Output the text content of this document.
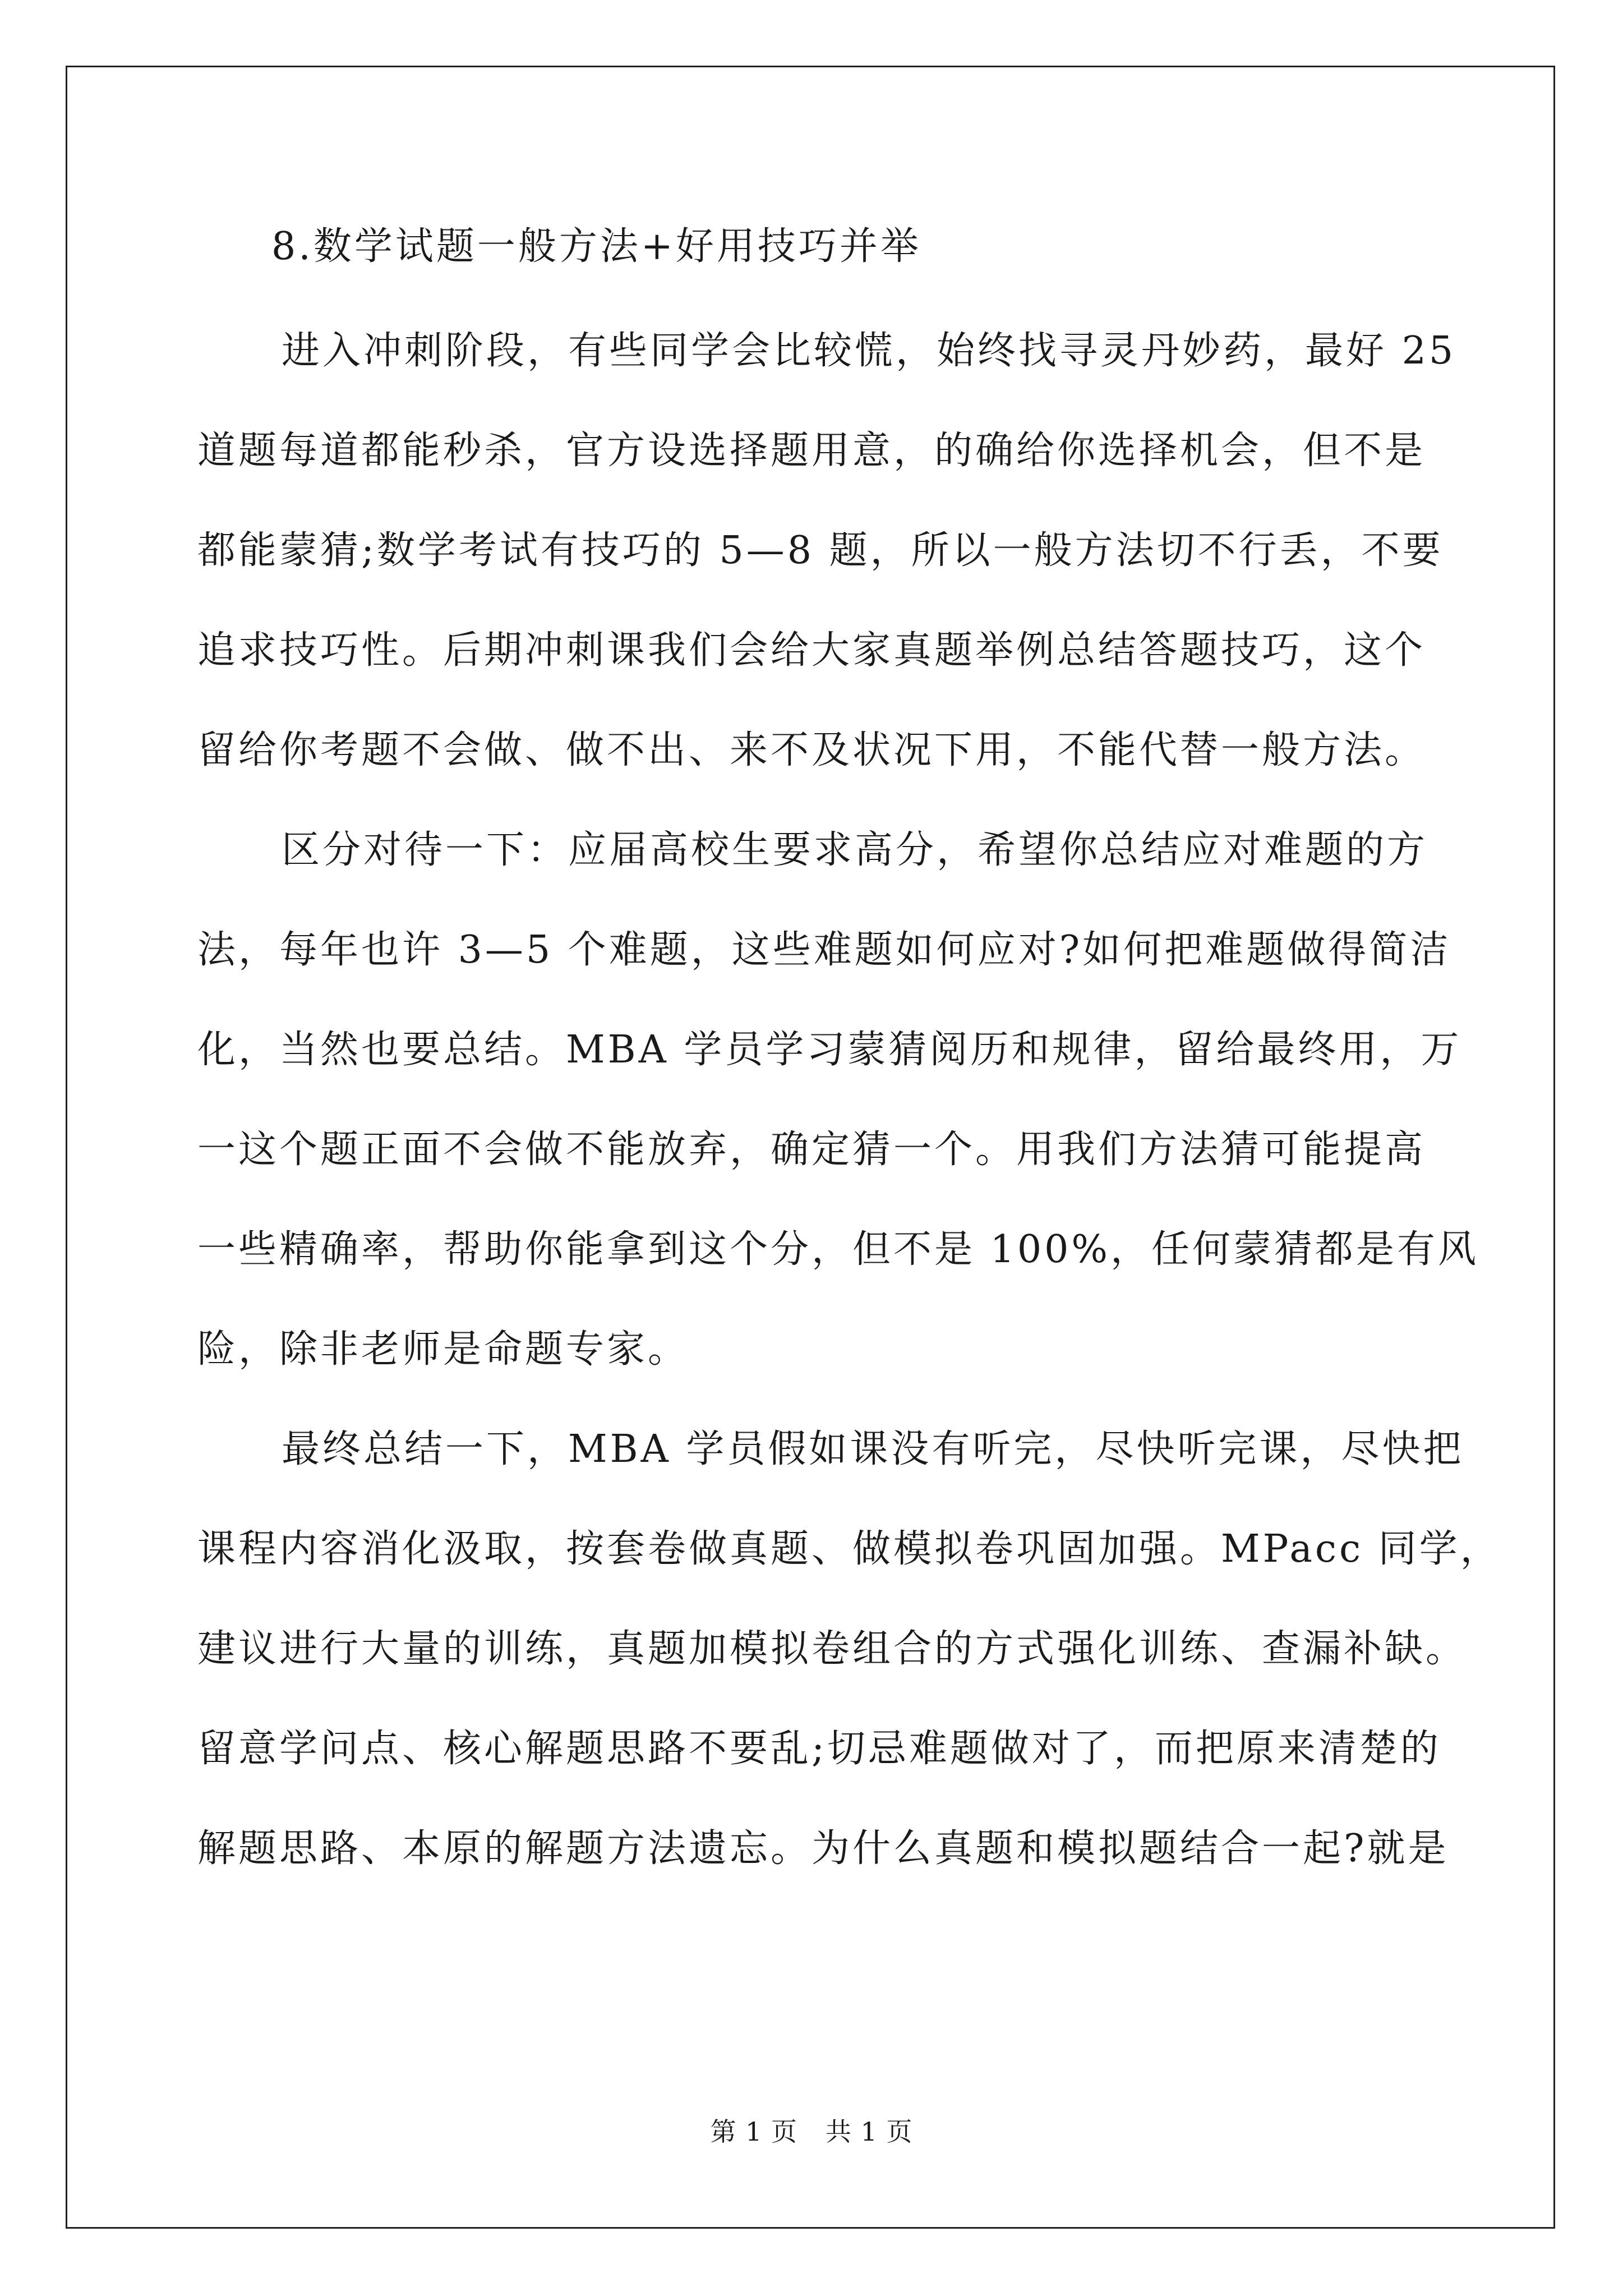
8.数学试题一般方法+好用技巧并举
进入冲刺阶段，有些同学会比较慌，始终找寻灵丹妙药，最好 25
道题每道都能秒杀，官方设选择题用意，的确给你选择机会，但不是
都能蒙猜;数学考试有技巧的 5—8 题，所以一般方法切不行丢，不要
追求技巧性。后期冲刺课我们会给大家真题举例总结答题技巧，这个
留给你考题不会做、做不出、来不及状况下用，不能代替一般方法。
区分对待一下：应届高校生要求高分，希望你总结应对难题的方
法，每年也许 3—5 个难题，这些难题如何应对?如何把难题做得简洁
化，当然也要总结。MBA 学员学习蒙猜阅历和规律，留给最终用，万
一这个题正面不会做不能放弃，确定猜一个。用我们方法猜可能提高
一些精确率，帮助你能拿到这个分，但不是 100%，任何蒙猜都是有风
险，除非老师是命题专家。
最终总结一下，MBA 学员假如课没有听完，尽快听完课，尽快把
课程内容消化汲取，按套卷做真题、做模拟卷巩固加强。MPacc 同学，
建议进行大量的训练，真题加模拟卷组合的方式强化训练、查漏补缺。
留意学问点、核心解题思路不要乱;切忌难题做对了，而把原来清楚的
解题思路、本原的解题方法遗忘。为什么真题和模拟题结合一起?就是
第 1 页 共 1 页
